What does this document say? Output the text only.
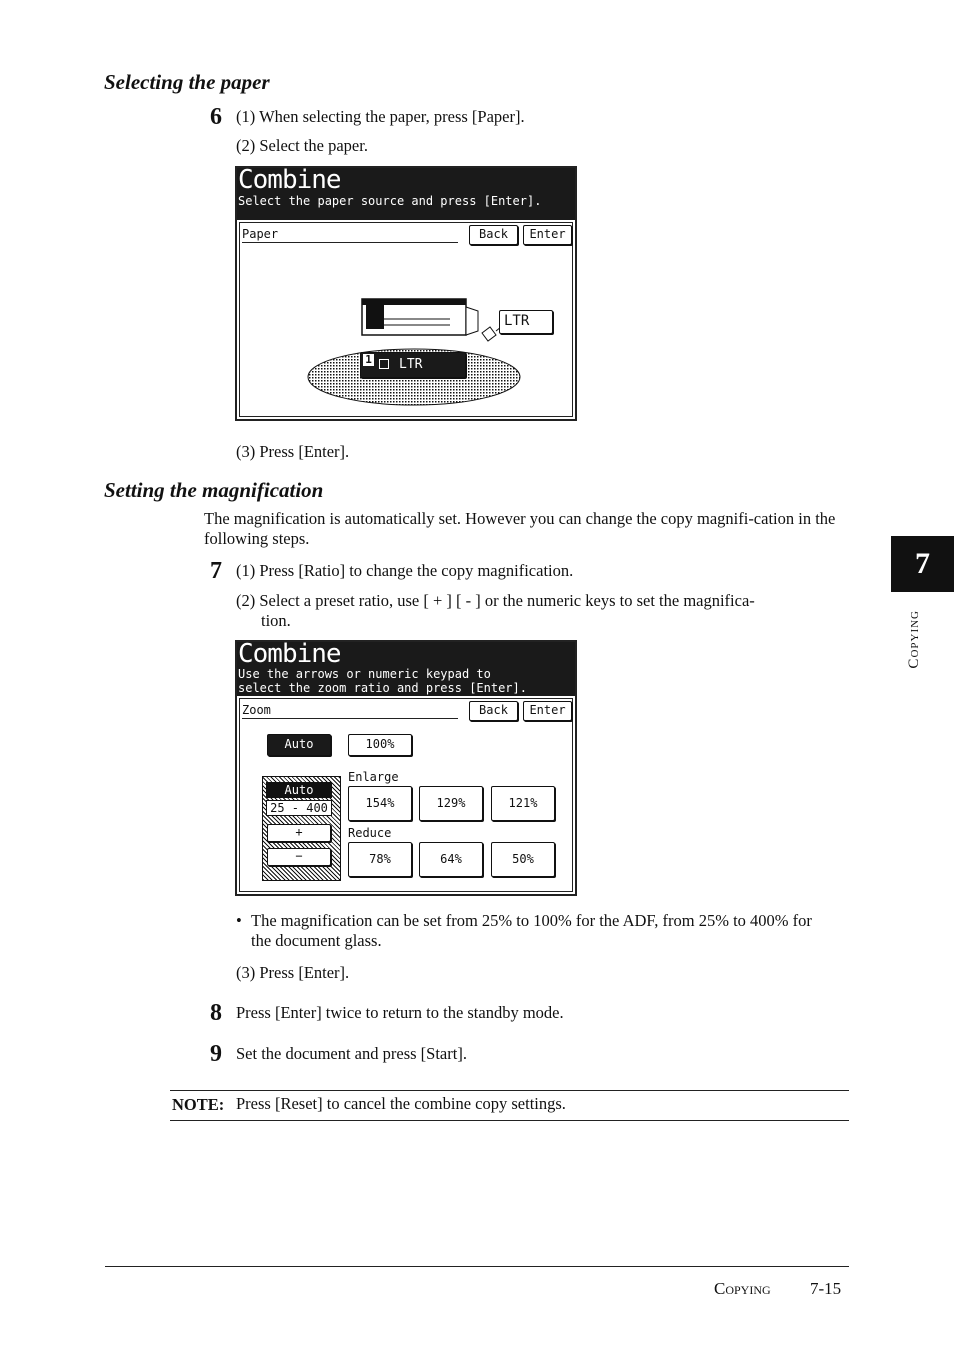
Selecting the paper
6 (1) When selecting the paper, press [Paper].
(2) Select the paper.
Combine
Select the paper source and press [Enter].
Paper	Back	Enter
1 LTR
LTR
(3) Press [Enter].
Setting the magnification
The magnification is automatically set. However you can change the copy magnifi-cation in the following steps.
7 (1) Press [Ratio] to change the copy magnification.
(2) Select a preset ratio, use [ + ] [ - ] or the numeric keys to set the magnifica-
tion.
Combine
Use the arrows or numeric keypad to
select the zoom ratio and press [Enter].
Zoom	Back	Enter
Auto	100%
Auto
25 - 400
+
−
Enlarge
154%	129%	121%
Reduce
78%	64%	50%
• The magnification can be set from 25% to 100% for the ADF, from 25% to 400% for the document glass.
(3) Press [Enter].
8 Press [Enter] twice to return to the standby mode.
9 Set the document and press [Start].
NOTE: Press [Reset] to cancel the combine copy settings.
7
Copying
Copying 7-15
